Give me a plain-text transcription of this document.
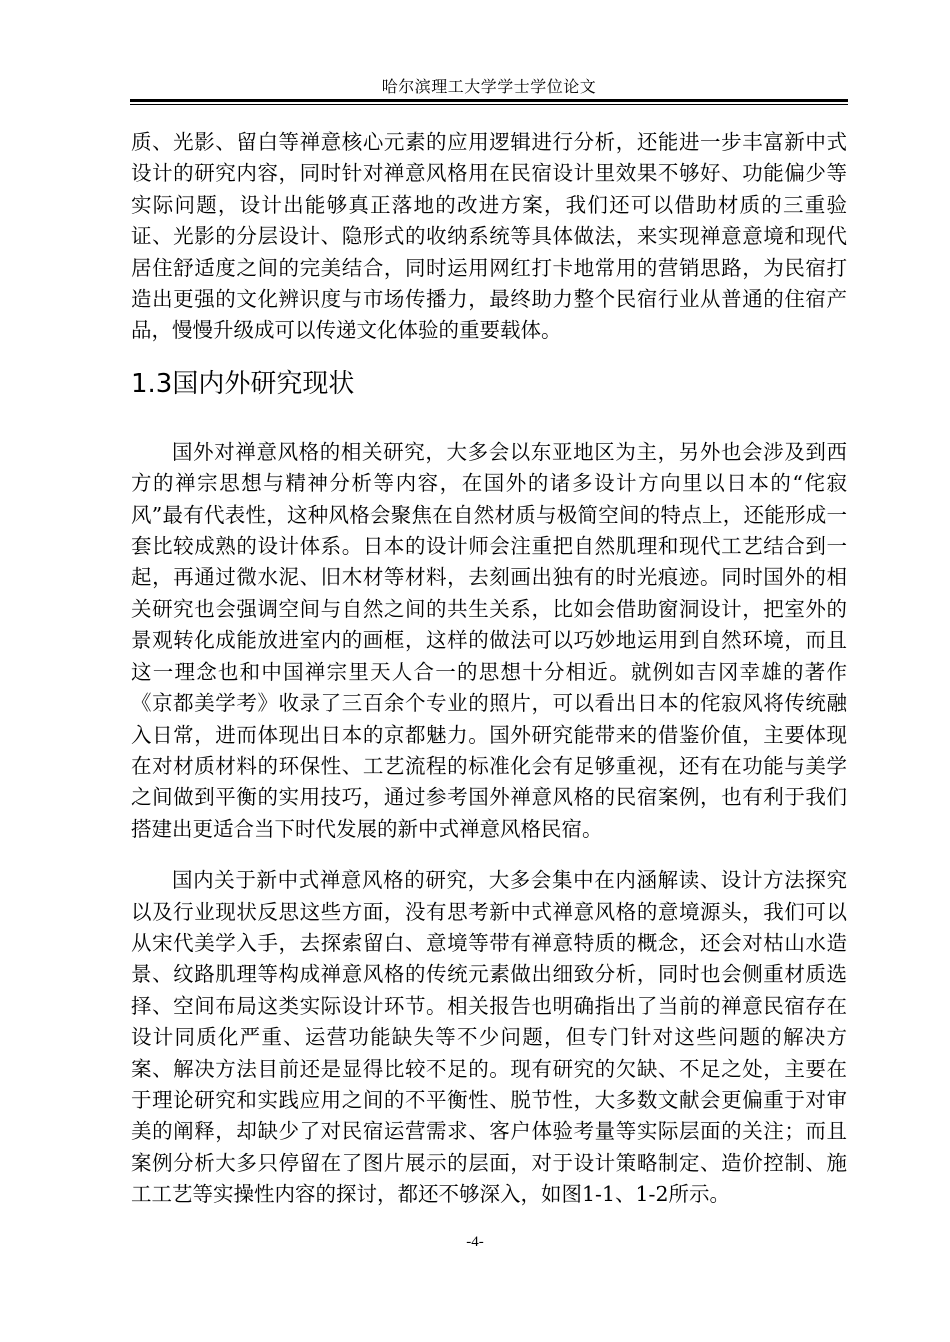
哈尔滨理工大学学士学位论文

质、光影、留白等禅意核心元素的应用逻辑进行分析，还能进一步丰富新中式设计的研究内容，同时针对禅意风格用在民宿设计里效果不够好、功能偏少等实际问题，设计出能够真正落地的改进方案，我们还可以借助材质的三重验证、光影的分层设计、隐形式的收纳系统等具体做法，来实现禅意意境和现代居住舒适度之间的完美结合，同时运用网红打卡地常用的营销思路，为民宿打造出更强的文化辨识度与市场传播力，最终助力整个民宿行业从普通的住宿产品，慢慢升级成可以传递文化体验的重要载体。

1.3国内外研究现状

国外对禅意风格的相关研究，大多会以东亚地区为主，另外也会涉及到西方的禅宗思想与精神分析等内容，在国外的诸多设计方向里以日本的“侘寂风”最有代表性，这种风格会聚焦在自然材质与极简空间的特点上，还能形成一套比较成熟的设计体系。日本的设计师会注重把自然肌理和现代工艺结合到一起，再通过微水泥、旧木材等材料，去刻画出独有的时光痕迹。同时国外的相关研究也会强调空间与自然之间的共生关系，比如会借助窗洞设计，把室外的景观转化成能放进室内的画框，这样的做法可以巧妙地运用到自然环境，而且这一理念也和中国禅宗里天人合一的思想十分相近。就例如吉冈幸雄的著作《京都美学考》收录了三百余个专业的照片，可以看出日本的侘寂风将传统融入日常，进而体现出日本的京都魅力。国外研究能带来的借鉴价值，主要体现在对材质材料的环保性、工艺流程的标准化会有足够重视，还有在功能与美学之间做到平衡的实用技巧，通过参考国外禅意风格的民宿案例，也有利于我们搭建出更适合当下时代发展的新中式禅意风格民宿。

国内关于新中式禅意风格的研究，大多会集中在内涵解读、设计方法探究以及行业现状反思这些方面，没有思考新中式禅意风格的意境源头，我们可以从宋代美学入手，去探索留白、意境等带有禅意特质的概念，还会对枯山水造景、纹路肌理等构成禅意风格的传统元素做出细致分析，同时也会侧重材质选择、空间布局这类实际设计环节。相关报告也明确指出了当前的禅意民宿存在设计同质化严重、运营功能缺失等不少问题，但专门针对这些问题的解决方案、解决方法目前还是显得比较不足的。现有研究的欠缺、不足之处，主要在于理论研究和实践应用之间的不平衡性、脱节性，大多数文献会更偏重于对审美的阐释，却缺少了对民宿运营需求、客户体验考量等实际层面的关注；而且案例分析大多只停留在了图片展示的层面，对于设计策略制定、造价控制、施工工艺等实操性内容的探讨，都还不够深入，如图1-1、1-2所示。

-4-
